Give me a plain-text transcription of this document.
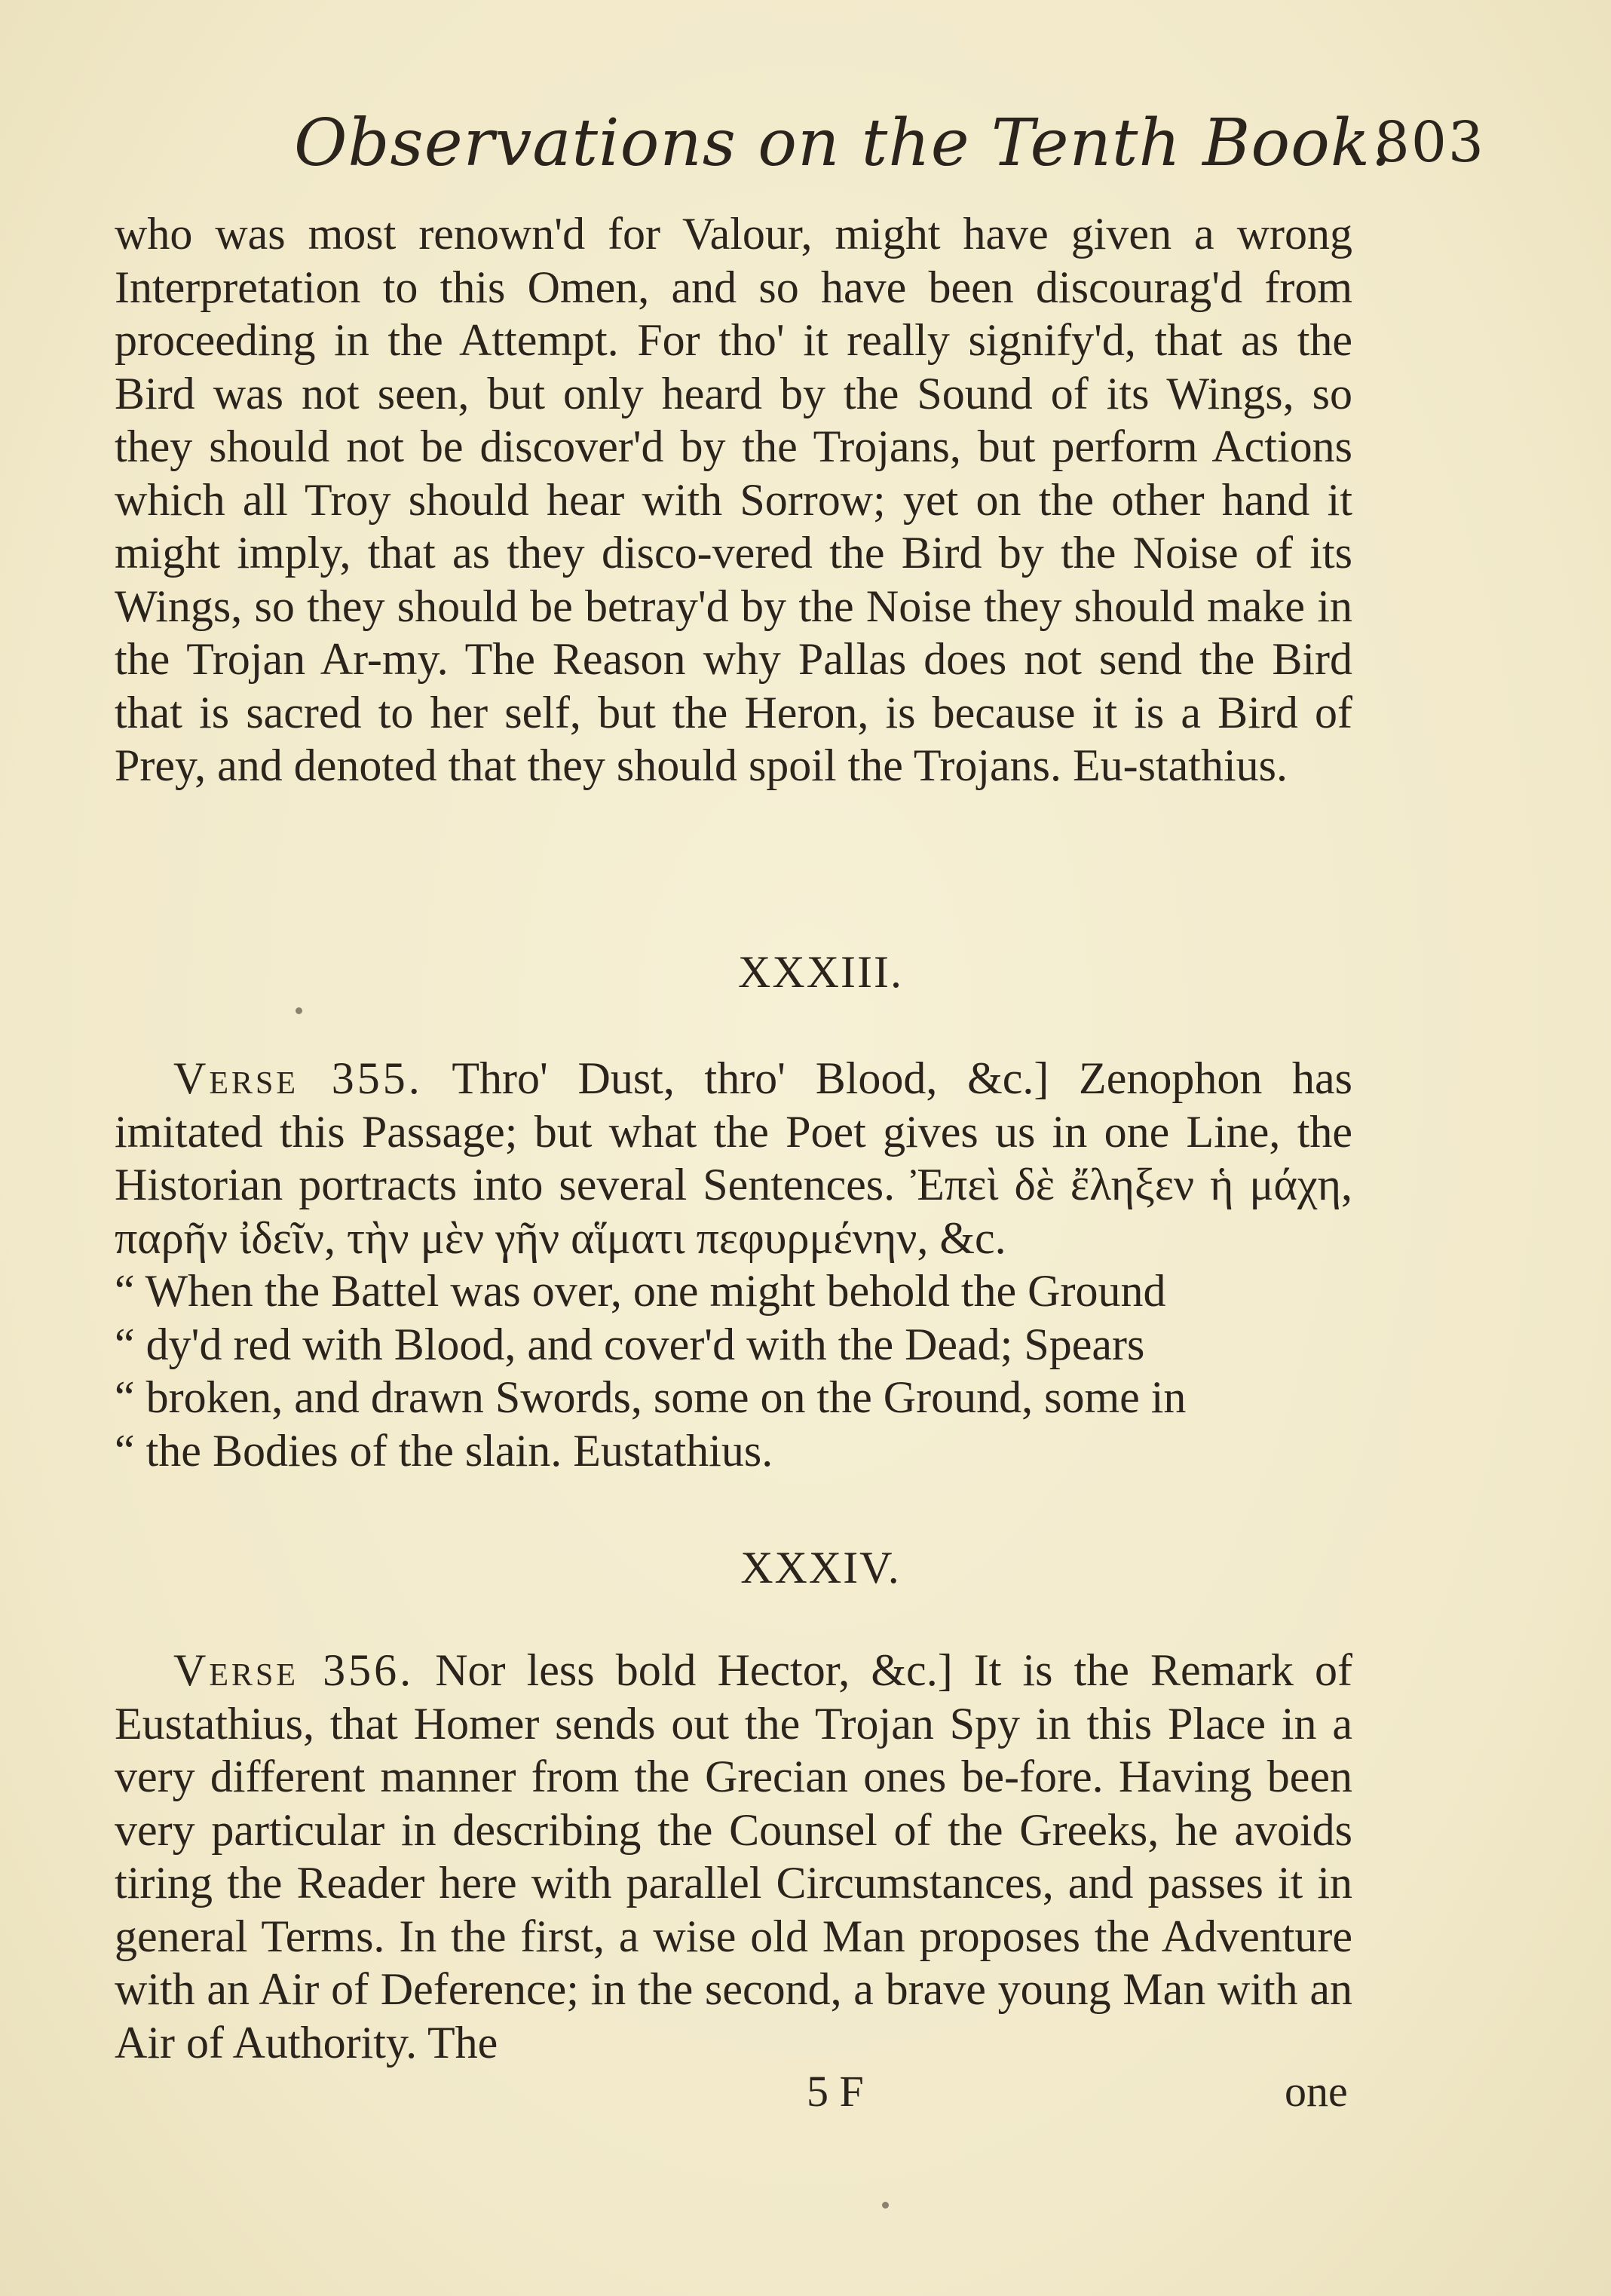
Observations on the Tenth Book.
803

who was most renown'd for Valour, might have given a wrong Interpretation to this Omen, and so have been discourag'd from proceeding in the Attempt. For tho' it really signify'd, that as the Bird was not seen, but only heard by the Sound of its Wings, so they should not be discover'd by the Trojans, but perform Actions which all Troy should hear with Sorrow; yet on the other hand it might imply, that as they disco-vered the Bird by the Noise of its Wings, so they should be betray'd by the Noise they should make in the Trojan Ar-my. The Reason why Pallas does not send the Bird that is sacred to her self, but the Heron, is because it is a Bird of Prey, and denoted that they should spoil the Trojans. Eu-stathius.

XXXIII.

Verse 355. Thro' Dust, thro' Blood, &c.] Zenophon has imitated this Passage; but what the Poet gives us in one Line, the Historian portracts into several Sentences. Ἐπεὶ δὲ ἔληξεν ἡ μάχη, παρῆν ἰδεῖν, τὴν μὲν γῆν αἵματι πεφυρμένην, &c.

“ When the Battel was over, one might behold the Ground

“ dy'd red with Blood, and cover'd with the Dead; Spears

“ broken, and drawn Swords, some on the Ground, some in

“ the Bodies of the slain. Eustathius.

XXXIV.

Verse 356. Nor less bold Hector, &c.] It is the Remark of Eustathius, that Homer sends out the Trojan Spy in this Place in a very different manner from the Grecian ones be-fore. Having been very particular in describing the Counsel of the Greeks, he avoids tiring the Reader here with parallel Circumstances, and passes it in general Terms. In the first, a wise old Man proposes the Adventure with an Air of Deference; in the second, a brave young Man with an Air of Authority. The

5 F	one
